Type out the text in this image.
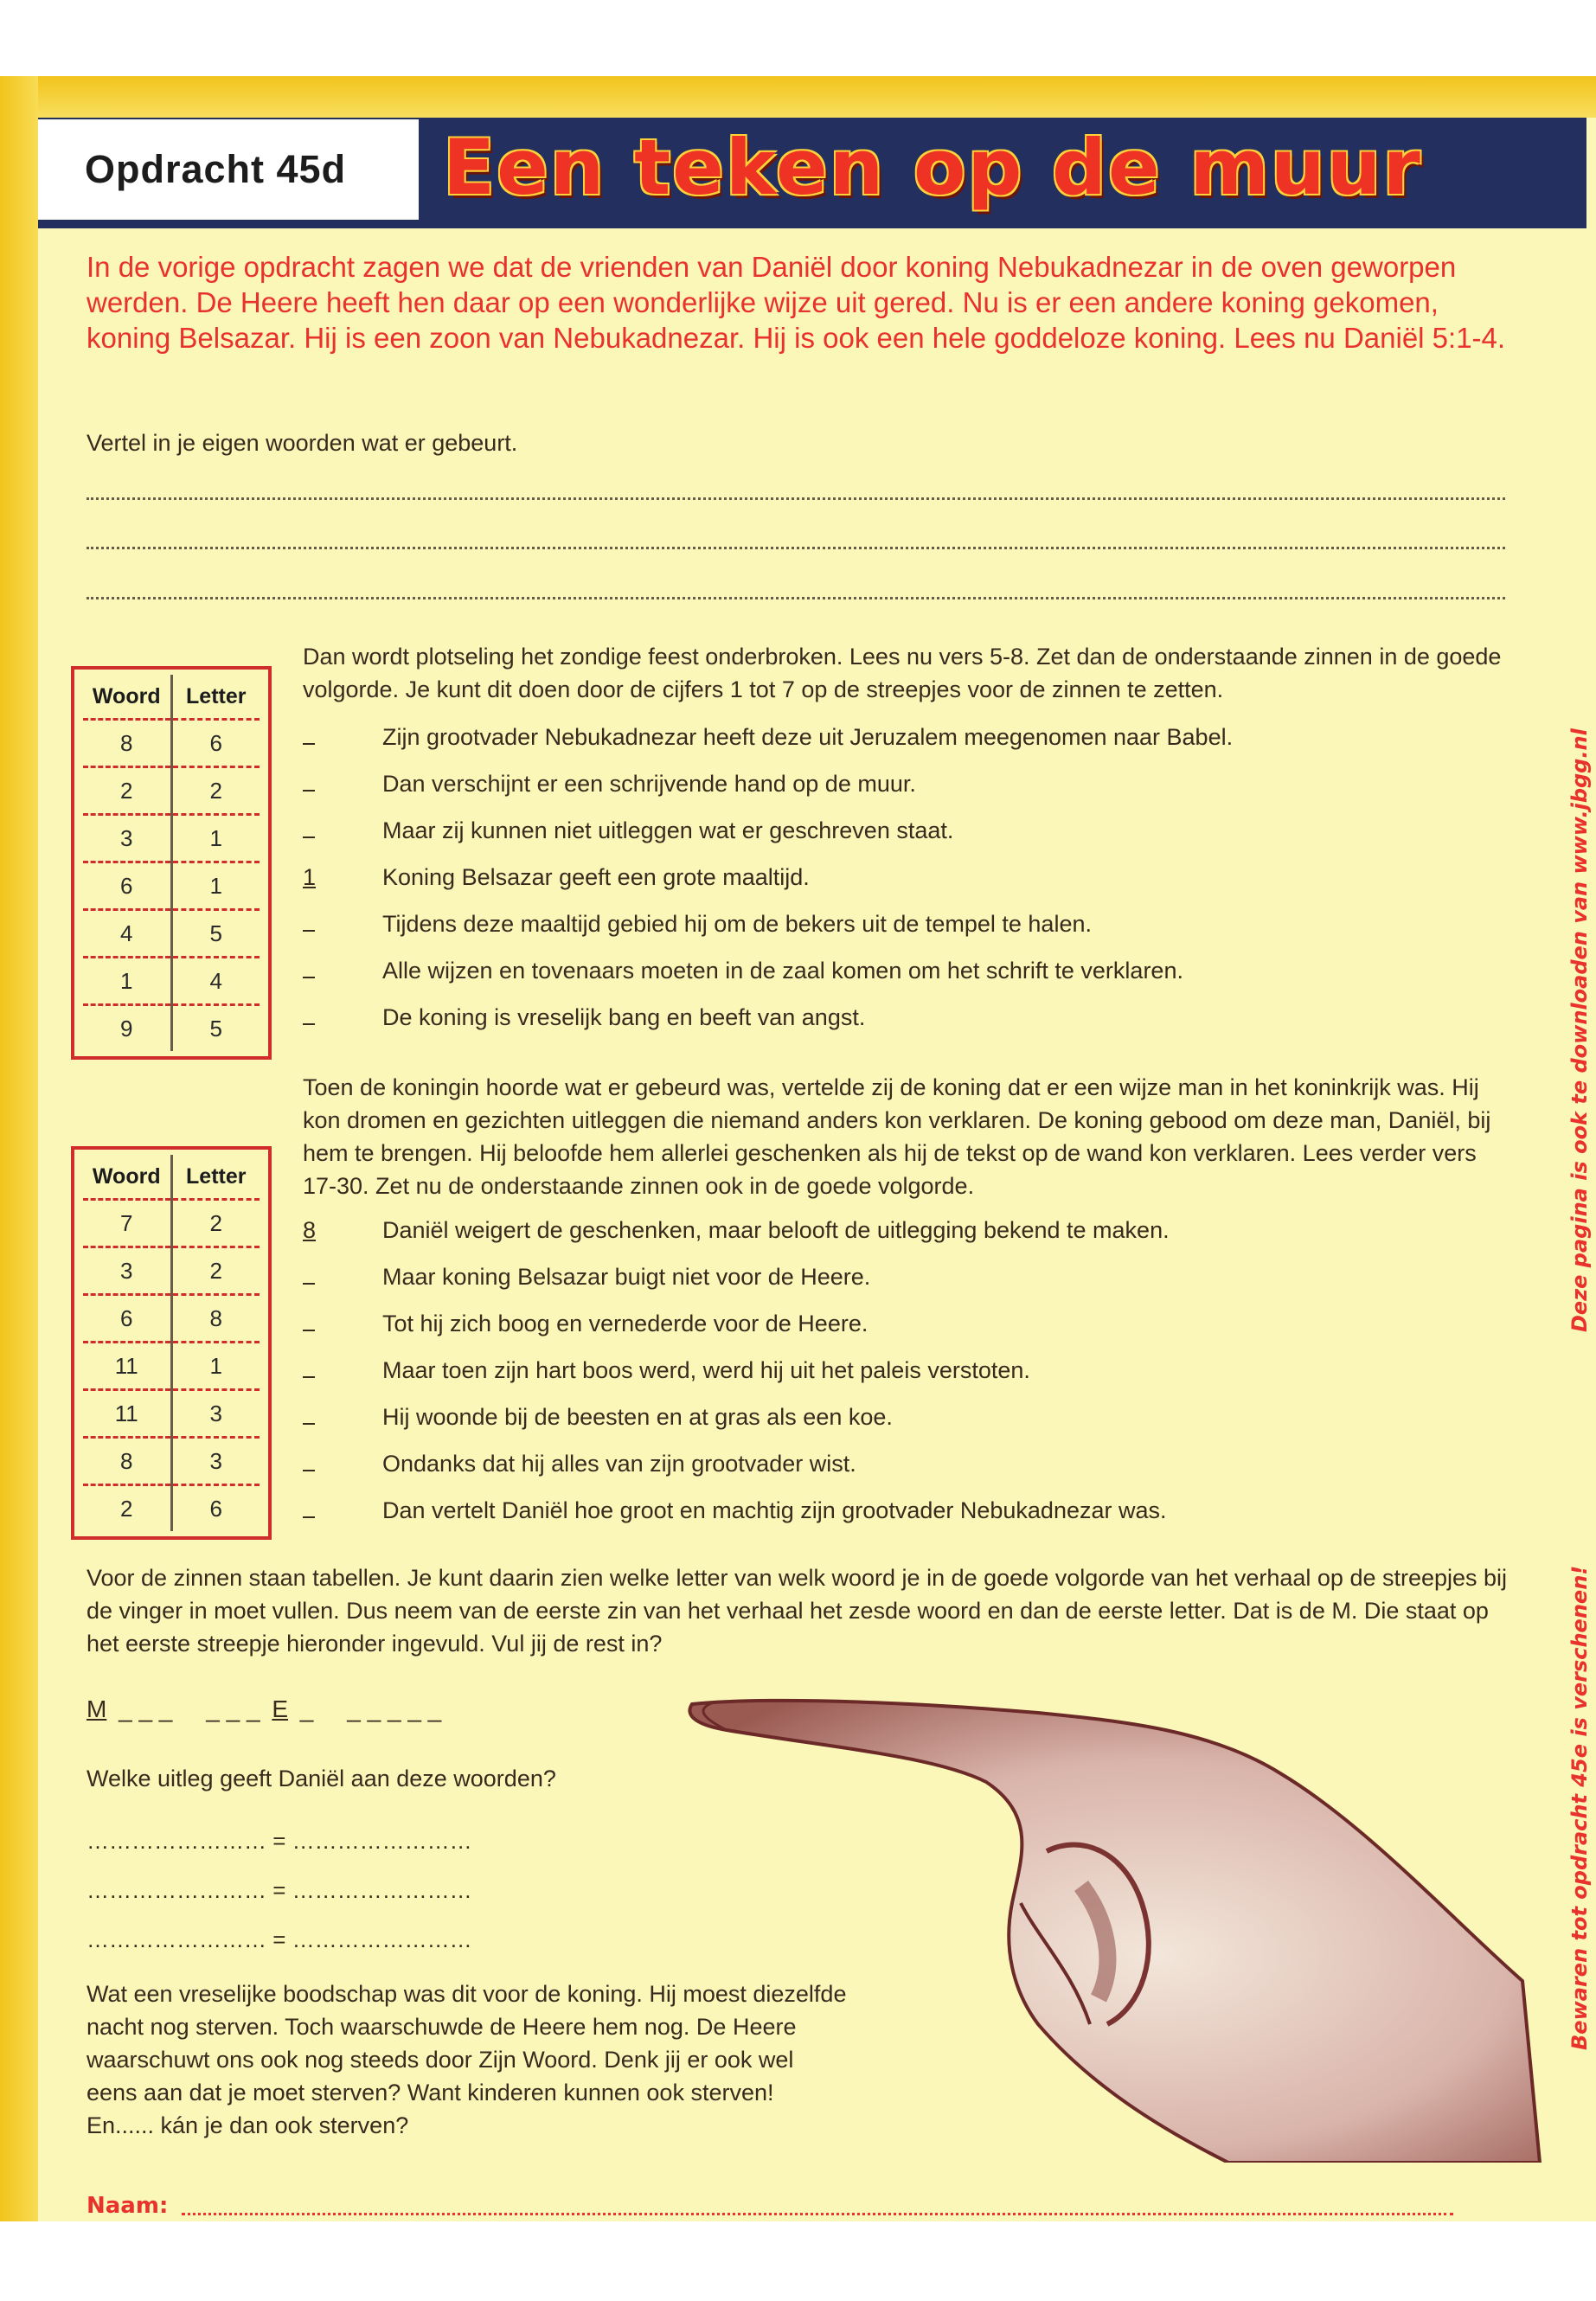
Opdracht 45d	Een teken op de muur
In de vorige opdracht zagen we dat de vrienden van Daniël door koning Nebukadnezar in de oven geworpen werden. De Heere heeft hen daar op een wonderlijke wijze uit gered. Nu is er een andere koning gekomen, koning Belsazar. Hij is een zoon van Nebukadnezar. Hij is ook een hele goddeloze koning. Lees nu Daniël 5:1-4.
Vertel in je eigen woorden wat er gebeurt.
Dan wordt plotseling het zondige feest onderbroken. Lees nu vers 5-8. Zet dan de onderstaande zinnen in de goede volgorde. Je kunt dit doen door de cijfers 1 tot 7 op de streepjes voor de zinnen te zetten.
Woord	Letter
8	6
2	2
3	1
6	1
4	5
1	4
9	5
Zijn grootvader Nebukadnezar heeft deze uit Jeruzalem meegenomen naar Babel.
Dan verschijnt er een schrijvende hand op de muur.
Maar zij kunnen niet uitleggen wat er geschreven staat.
1	Koning Belsazar geeft een grote maaltijd.
Tijdens deze maaltijd gebied hij om de bekers uit de tempel te halen.
Alle wijzen en tovenaars moeten in de zaal komen om het schrift te verklaren.
De koning is vreselijk bang en beeft van angst.
Toen de koningin hoorde wat er gebeurd was, vertelde zij de koning dat er een wijze man in het koninkrijk was. Hij kon dromen en gezichten uitleggen die niemand anders kon verklaren. De koning gebood om deze man, Daniël, bij hem te brengen. Hij beloofde hem allerlei geschenken als hij de tekst op de wand kon verklaren. Lees verder vers 17-30. Zet nu de onderstaande zinnen ook in de goede volgorde.
Woord	Letter
7	2
3	2
6	8
11	1
11	3
8	3
2	6
8	Daniël weigert de geschenken, maar belooft de uitlegging bekend te maken.
Maar koning Belsazar buigt niet voor de Heere.
Tot hij zich boog en vernederde voor de Heere.
Maar toen zijn hart boos werd, werd hij uit het paleis verstoten.
Hij woonde bij de beesten en at gras als een koe.
Ondanks dat hij alles van zijn grootvader wist.
Dan vertelt Daniël hoe groot en machtig zijn grootvader Nebukadnezar was.
Voor de zinnen staan tabellen. Je kunt daarin zien welke letter van welk woord je in de goede volgorde van het verhaal op de streepjes bij de vinger in moet vullen. Dus neem van de eerste zin van het verhaal het zesde woord en dan de eerste letter. Dat is de M. Die staat op het eerste streepje hieronder ingevuld. Vul jij de rest in?
M _ _ _     _ _ _ E _     _ _ _ _ _
Welke uitleg geeft Daniël aan deze woorden?
…………………… = ……………………
…………………… = ……………………
…………………… = ……………………
Wat een vreselijke boodschap was dit voor de koning. Hij moest diezelfde nacht nog sterven. Toch waarschuwde de Heere hem nog. De Heere waarschuwt ons ook nog steeds door Zijn Woord. Denk jij er ook wel eens aan dat je moet sterven? Want kinderen kunnen ook sterven! En...... kán je dan ook sterven?
Naam:
Deze pagina is ook te downloaden van www.jbgg.nl
Bewaren tot opdracht 45e is verschenen!
